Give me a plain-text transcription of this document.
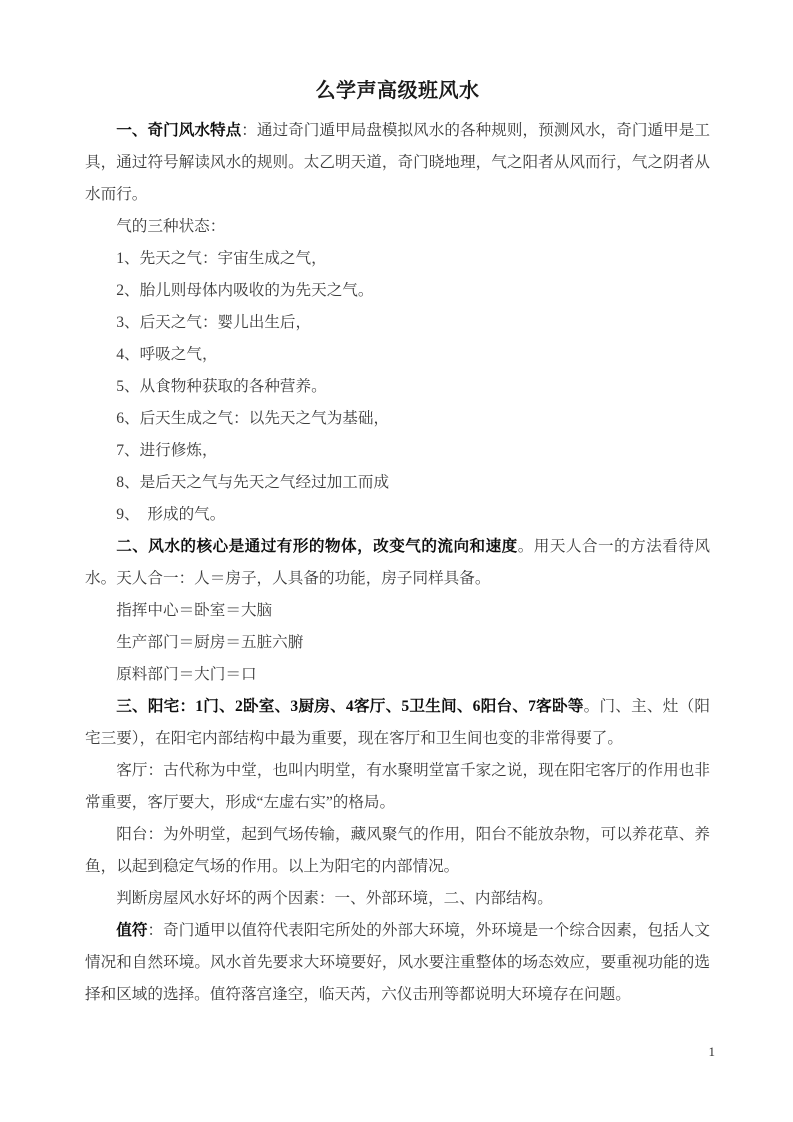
么学声高级班风水

一、奇门风水特点：通过奇门遁甲局盘模拟风水的各种规则，预测风水，奇门遁甲是工具，通过符号解读风水的规则。太乙明天道，奇门晓地理，气之阳者从风而行，气之阴者从水而行。

气的三种状态：

1、先天之气：宇宙生成之气，

2、胎儿则母体内吸收的为先天之气。

3、后天之气：婴儿出生后，

4、呼吸之气，

5、从食物种获取的各种营养。

6、后天生成之气：以先天之气为基础，

7、进行修炼，

8、是后天之气与先天之气经过加工而成

9、  形成的气。

二、风水的核心是通过有形的物体，改变气的流向和速度。用天人合一的方法看待风水。天人合一：人＝房子，人具备的功能，房子同样具备。

指挥中心＝卧室＝大脑

生产部门＝厨房＝五脏六腑

原料部门＝大门＝口

三、阳宅：1门、2卧室、3厨房、4客厅、5卫生间、6阳台、7客卧等。门、主、灶（阳宅三要），在阳宅内部结构中最为重要，现在客厅和卫生间也变的非常得要了。

客厅：古代称为中堂，也叫内明堂，有水聚明堂富千家之说，现在阳宅客厅的作用也非常重要，客厅要大，形成“左虚右实”的格局。

阳台：为外明堂，起到气场传输，藏风聚气的作用，阳台不能放杂物，可以养花草、养鱼，以起到稳定气场的作用。以上为阳宅的内部情况。

判断房屋风水好坏的两个因素：一、外部环境，二、内部结构。

值符：奇门遁甲以值符代表阳宅所处的外部大环境，外环境是一个综合因素，包括人文情况和自然环境。风水首先要求大环境要好，风水要注重整体的场态效应，要重视功能的选择和区域的选择。值符落宫逢空，临天芮，六仪击刑等都说明大环境存在问题。

1
